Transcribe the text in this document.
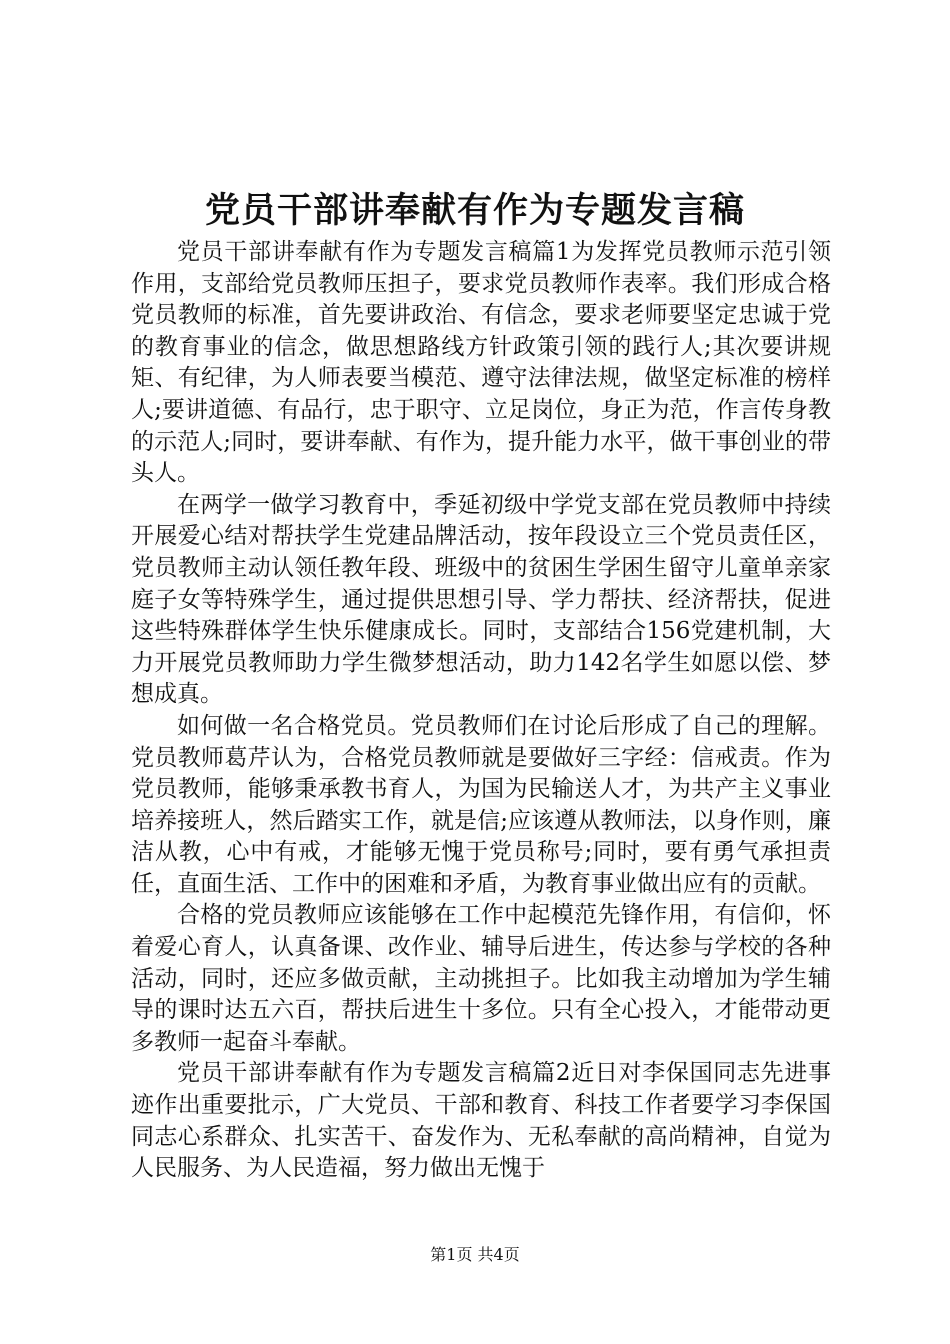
党员干部讲奉献有作为专题发言稿

党员干部讲奉献有作为专题发言稿篇1为发挥党员教师示范引领作用，支部给党员教师压担子，要求党员教师作表率。我们形成合格党员教师的标准，首先要讲政治、有信念，要求老师要坚定忠诚于党的教育事业的信念，做思想路线方针政策引领的践行人;其次要讲规矩、有纪律，为人师表要当模范、遵守法律法规，做坚定标准的榜样人;要讲道德、有品行，忠于职守、立足岗位，身正为范，作言传身教的示范人;同时，要讲奉献、有作为，提升能力水平，做干事创业的带头人。

在两学一做学习教育中，季延初级中学党支部在党员教师中持续开展爱心结对帮扶学生党建品牌活动，按年段设立三个党员责任区，党员教师主动认领任教年段、班级中的贫困生学困生留守儿童单亲家庭子女等特殊学生，通过提供思想引导、学力帮扶、经济帮扶，促进这些特殊群体学生快乐健康成长。同时，支部结合156党建机制，大力开展党员教师助力学生微梦想活动，助力142名学生如愿以偿、梦想成真。

如何做一名合格党员。党员教师们在讨论后形成了自己的理解。党员教师葛芹认为，合格党员教师就是要做好三字经：信戒责。作为党员教师，能够秉承教书育人，为国为民输送人才，为共产主义事业培养接班人，然后踏实工作，就是信;应该遵从教师法，以身作则，廉洁从教，心中有戒，才能够无愧于党员称号;同时，要有勇气承担责任，直面生活、工作中的困难和矛盾，为教育事业做出应有的贡献。

合格的党员教师应该能够在工作中起模范先锋作用，有信仰，怀着爱心育人，认真备课、改作业、辅导后进生，传达参与学校的各种活动，同时，还应多做贡献，主动挑担子。比如我主动增加为学生辅导的课时达五六百，帮扶后进生十多位。只有全心投入，才能带动更多教师一起奋斗奉献。

党员干部讲奉献有作为专题发言稿篇2近日对李保国同志先进事迹作出重要批示，广大党员、干部和教育、科技工作者要学习李保国同志心系群众、扎实苦干、奋发作为、无私奉献的高尚精神，自觉为人民服务、为人民造福，努力做出无愧于

第1页 共4页
